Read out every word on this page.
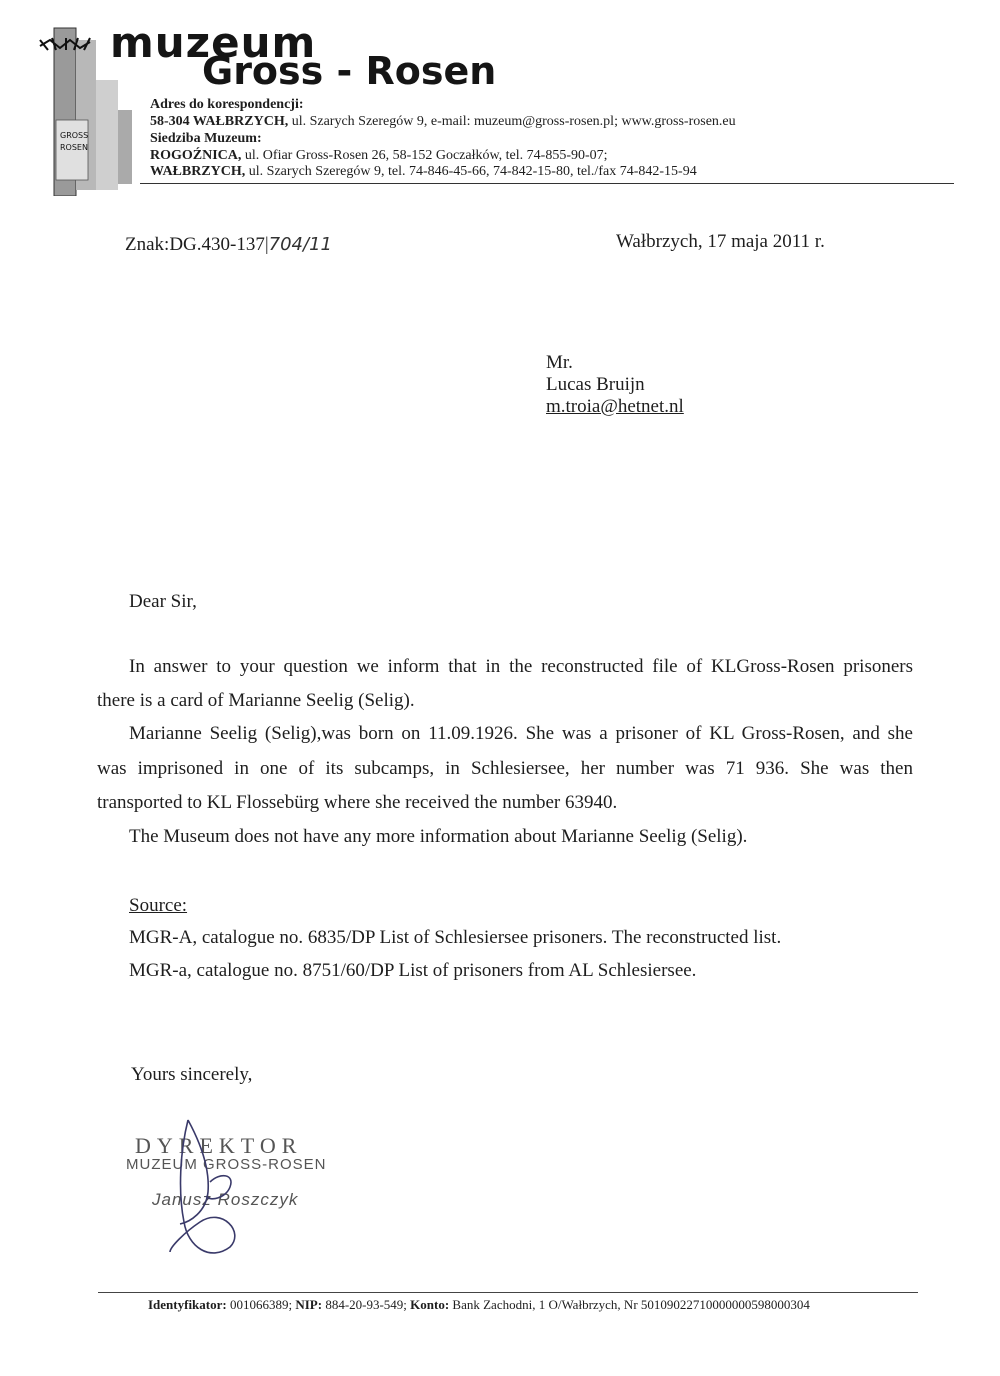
GROSS
ROSEN
muzeum
Gross - Rosen
Adres do korespondencji:
58-304 WAŁBRZYCH, ul. Szarych Szeregów 9, e-mail: muzeum@gross-rosen.pl; www.gross-rosen.eu
Siedziba Muzeum:
ROGOŹNICA, ul. Ofiar Gross-Rosen 26, 58-152 Goczałków, tel. 74-855-90-07;
WAŁBRZYCH, ul. Szarych Szeregów 9, tel. 74-846-45-66, 74-842-15-80, tel./fax 74-842-15-94
Znak:DG.430-137|704/11	Wałbrzych, 17 maja 2011 r.
Mr.
Lucas Bruijn
m.troia@hetnet.nl
Dear Sir,
In answer to your question we inform that in the reconstructed file of KLGross-Rosen prisoners
there is a card of Marianne Seelig (Selig).
Marianne Seelig (Selig),was born on 11.09.1926. She was a prisoner of KL Gross-Rosen, and she
was imprisoned in one of its subcamps, in Schlesiersee, her number was 71 936. She was then
transported to KL Flossebürg where she received the number 63940.
The Museum does not have any more information about Marianne Seelig (Selig).
Source:
MGR-A, catalogue no. 6835/DP List of Schlesiersee prisoners. The reconstructed list.
MGR-a, catalogue no. 8751/60/DP List of prisoners from AL Schlesiersee.
Yours sincerely,
DYREKTOR
MUZEUM GROSS-ROSEN
Janusz Roszczyk
Identyfikator: 001066389; NIP: 884-20-93-549; Konto: Bank Zachodni, 1 O/Wałbrzych, Nr 50109022710000000598000304
